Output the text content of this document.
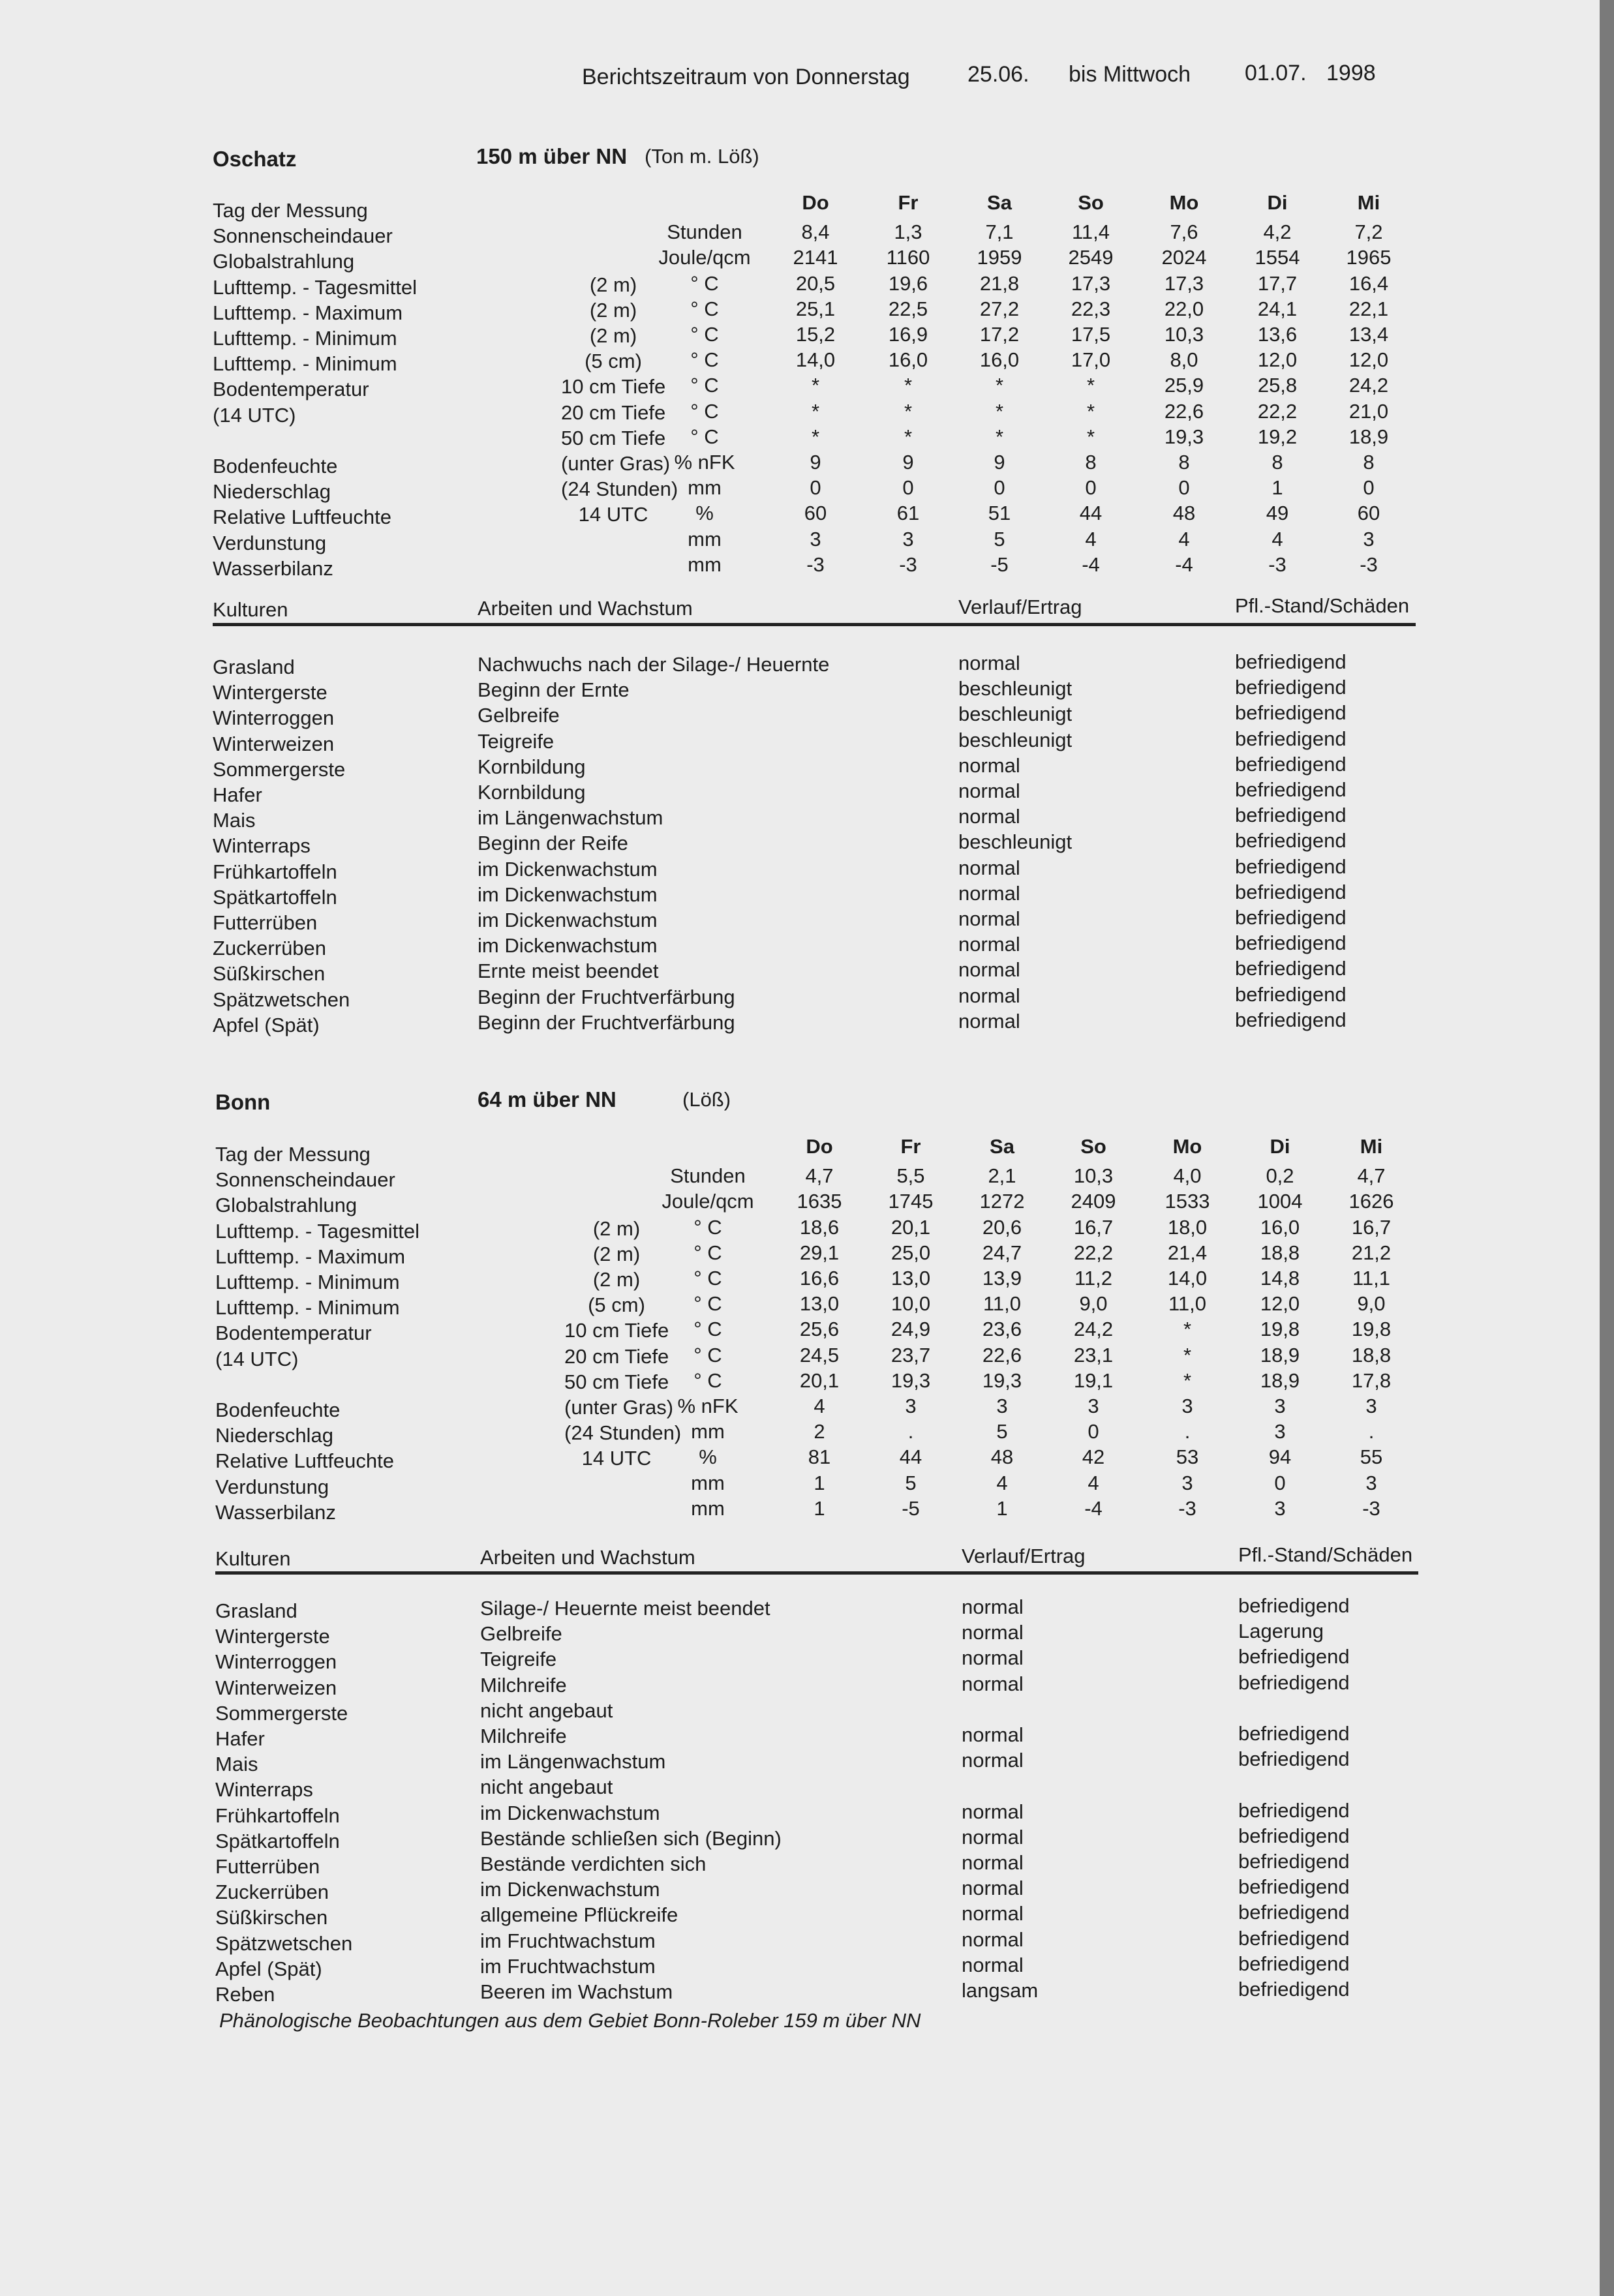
Berichtszeitraum von Donnerstag	25.06. bis Mittwoch 01.07. 1998
Oschatz	150 m über NN (Ton m. Löß)
Do	Fr	Sa	So	Mo	Di	Mi
Tag der Messung
Sonnenscheindauer	Stunden	8,4	1,3	7,1	11,4	7,6	4,2	7,2
Globalstrahlung	Joule/qcm	2141	1160	1959	2549	2024	1554	1965
Lufttemp. - Tagesmittel	(2 m)	° C	20,5	19,6	21,8	17,3	17,3	17,7	16,4
Lufttemp. - Maximum	(2 m)	° C	25,1	22,5	27,2	22,3	22,0	24,1	22,1
Lufttemp. - Minimum	(2 m)	° C	15,2	16,9	17,2	17,5	10,3	13,6	13,4
Lufttemp. - Minimum	(5 cm)	° C	14,0	16,0	16,0	17,0	8,0	12,0	12,0
Bodentemperatur	10 cm Tiefe	° C	*	*	*	*	25,9	25,8	24,2
(14 UTC)	20 cm Tiefe	° C	*	*	*	*	22,6	22,2	21,0
50 cm Tiefe	° C	*	*	*	*	19,3	19,2	18,9
Bodenfeuchte	(unter Gras) % nFK	9	9	9	8	8	8	8
Niederschlag	(24 Stunden) mm	0	0	0	0	0	1	0
Relative Luftfeuchte	14 UTC	%	60	61	51	44	48	49	60
Verdunstung	mm	3	3	5	4	4	4	3
Wasserbilanz	mm	-3	-3	-5	-4	-4	-3	-3
Kulturen	Arbeiten und Wachstum	Verlauf/Ertrag	Pfl.-Stand/Schäden
Grasland	Nachwuchs nach der Silage-/ Heuernte	normal	befriedigend
Wintergerste	Beginn der Ernte	beschleunigt	befriedigend
Winterroggen	Gelbreife	beschleunigt	befriedigend
Winterweizen	Teigreife	beschleunigt	befriedigend
Sommergerste	Kornbildung	normal	befriedigend
Hafer	Kornbildung	normal	befriedigend
Mais	im Längenwachstum	normal	befriedigend
Winterraps	Beginn der Reife	beschleunigt	befriedigend
Frühkartoffeln	im Dickenwachstum	normal	befriedigend
Spätkartoffeln	im Dickenwachstum	normal	befriedigend
Futterrüben	im Dickenwachstum	normal	befriedigend
Zuckerrüben	im Dickenwachstum	normal	befriedigend
Süßkirschen	Ernte meist beendet	normal	befriedigend
Spätzwetschen	Beginn der Fruchtverfärbung	normal	befriedigend
Apfel (Spät)	Beginn der Fruchtverfärbung	normal	befriedigend
Bonn	64 m über NN	(Löß)
Do	Fr	Sa	So	Mo	Di	Mi
Tag der Messung
Sonnenscheindauer	Stunden	4,7	5,5	2,1	10,3	4,0	0,2	4,7
Globalstrahlung	Joule/qcm	1635	1745	1272	2409	1533	1004	1626
Lufttemp. - Tagesmittel	(2 m)	° C	18,6	20,1	20,6	16,7	18,0	16,0	16,7
Lufttemp. - Maximum	(2 m)	° C	29,1	25,0	24,7	22,2	21,4	18,8	21,2
Lufttemp. - Minimum	(2 m)	° C	16,6	13,0	13,9	11,2	14,0	14,8	11,1
Lufttemp. - Minimum	(5 cm)	° C	13,0	10,0	11,0	9,0	11,0	12,0	9,0
Bodentemperatur	10 cm Tiefe	° C	25,6	24,9	23,6	24,2	*	19,8	19,8
(14 UTC)	20 cm Tiefe	° C	24,5	23,7	22,6	23,1	*	18,9	18,8
50 cm Tiefe	° C	20,1	19,3	19,3	19,1	*	18,9	17,8
Bodenfeuchte	(unter Gras) % nFK	4	3	3	3	3	3	3
Niederschlag	(24 Stunden) mm	2	.	5	0	.	3	.
Relative Luftfeuchte	14 UTC	%	81	44	48	42	53	94	55
Verdunstung	mm	1	5	4	4	3	0	3
Wasserbilanz	mm	1	-5	1	-4	-3	3	-3
Kulturen	Arbeiten und Wachstum	Verlauf/Ertrag	Pfl.-Stand/Schäden
Grasland	Silage-/ Heuernte meist beendet	normal	befriedigend
Wintergerste	Gelbreife	normal	Lagerung
Winterroggen	Teigreife	normal	befriedigend
Winterweizen	Milchreife	normal	befriedigend
Sommergerste	nicht angebaut
Hafer	Milchreife	normal	befriedigend
Mais	im Längenwachstum	normal	befriedigend
Winterraps	nicht angebaut
Frühkartoffeln	im Dickenwachstum	normal	befriedigend
Spätkartoffeln	Bestände schließen sich (Beginn)	normal	befriedigend
Futterrüben	Bestände verdichten sich	normal	befriedigend
Zuckerrüben	im Dickenwachstum	normal	befriedigend
Süßkirschen	allgemeine Pflückreife	normal	befriedigend
Spätzwetschen	im Fruchtwachstum	normal	befriedigend
Apfel (Spät)	im Fruchtwachstum	normal	befriedigend
Reben	Beeren im Wachstum	langsam	befriedigend
Phänologische Beobachtungen aus dem Gebiet Bonn-Roleber 159 m über NN
